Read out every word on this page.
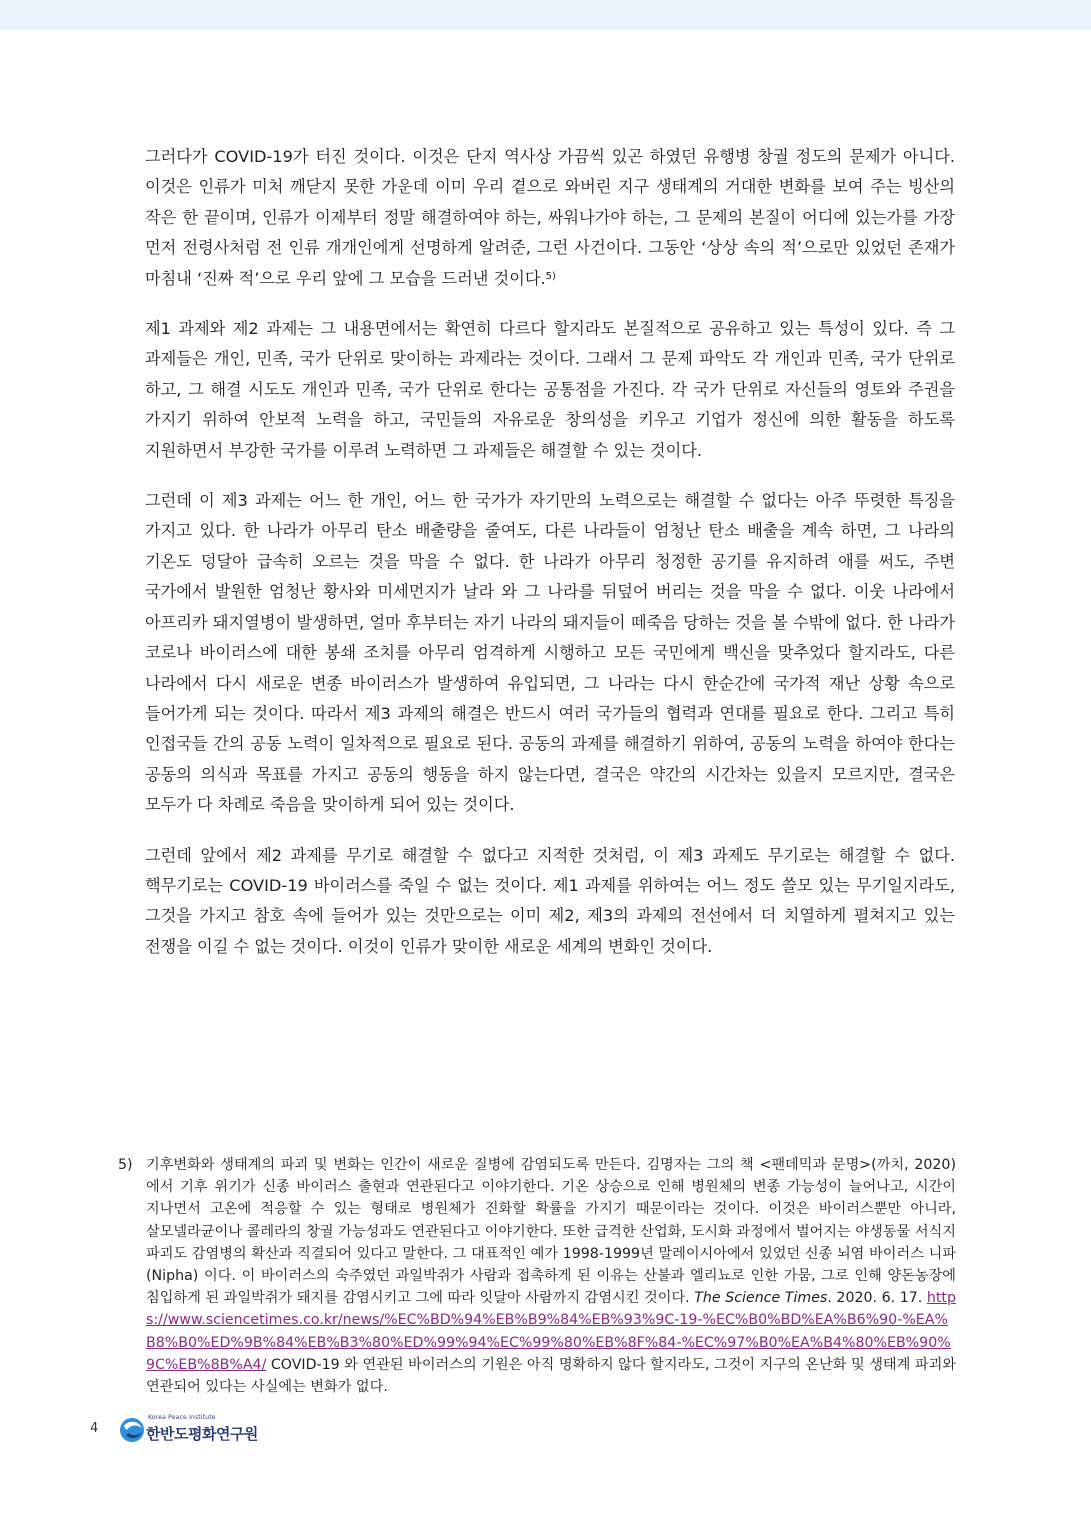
그러다가 COVID-19가 터진 것이다. 이것은 단지 역사상 가끔씩 있곤 하였던 유행병 창궐 정도의 문제가 아니다. 이것은 인류가 미처 깨닫지 못한 가운데 이미 우리 곁으로 와버린 지구 생태계의 거대한 변화를 보여 주는 빙산의 작은 한 끝이며, 인류가 이제부터 정말 해결하여야 하는, 싸워나가야 하는, 그 문제의 본질이 어디에 있는가를 가장 먼저 전령사처럼 전 인류 개개인에게 선명하게 알려준, 그런 사건이다. 그동안 ‘상상 속의 적’으로만 있었던 존재가 마침내 ‘진짜 적’으로 우리 앞에 그 모습을 드러낸 것이다.$^{5)}$

제1 과제와 제2 과제는 그 내용면에서는 확연히 다르다 할지라도 본질적으로 공유하고 있는 특성이 있다. 즉 그 과제들은 개인, 민족, 국가 단위로 맞이하는 과제라는 것이다. 그래서 그 문제 파악도 각 개인과 민족, 국가 단위로 하고, 그 해결 시도도 개인과 민족, 국가 단위로 한다는 공통점을 가진다. 각 국가 단위로 자신들의 영토와 주권을 가지기 위하여 안보적 노력을 하고, 국민들의 자유로운 창의성을 키우고 기업가 정신에 의한 활동을 하도록 지원하면서 부강한 국가를 이루려 노력하면 그 과제들은 해결할 수 있는 것이다.

그런데 이 제3 과제는 어느 한 개인, 어느 한 국가가 자기만의 노력으로는 해결할 수 없다는 아주 뚜렷한 특징을 가지고 있다. 한 나라가 아무리 탄소 배출량을 줄여도, 다른 나라들이 엄청난 탄소 배출을 계속 하면, 그 나라의 기온도 덩달아 급속히 오르는 것을 막을 수 없다. 한 나라가 아무리 청정한 공기를 유지하려 애를 써도, 주변 국가에서 발원한 엄청난 황사와 미세먼지가 날라 와 그 나라를 뒤덮어 버리는 것을 막을 수 없다. 이웃 나라에서 아프리카 돼지열병이 발생하면, 얼마 후부터는 자기 나라의 돼지들이 떼죽음 당하는 것을 볼 수밖에 없다. 한 나라가 코로나 바이러스에 대한 봉쇄 조치를 아무리 엄격하게 시행하고 모든 국민에게 백신을 맞추었다 할지라도, 다른 나라에서 다시 새로운 변종 바이러스가 발생하여 유입되면, 그 나라는 다시 한순간에 국가적 재난 상황 속으로 들어가게 되는 것이다. 따라서 제3 과제의 해결은 반드시 여러 국가들의 협력과 연대를 필요로 한다. 그리고 특히 인접국들 간의 공동 노력이 일차적으로 필요로 된다. 공동의 과제를 해결하기 위하여, 공동의 노력을 하여야 한다는 공동의 의식과 목표를 가지고 공동의 행동을 하지 않는다면, 결국은 약간의 시간차는 있을지 모르지만, 결국은 모두가 다 차례로 죽음을 맞이하게 되어 있는 것이다.

그런데 앞에서 제2 과제를 무기로 해결할 수 없다고 지적한 것처럼, 이 제3 과제도 무기로는 해결할 수 없다. 핵무기로는 COVID-19 바이러스를 죽일 수 없는 것이다. 제1 과제를 위하여는 어느 정도 쓸모 있는 무기일지라도, 그것을 가지고 참호 속에 들어가 있는 것만으로는 이미 제2, 제3의 과제의 전선에서 더 치열하게 펼쳐지고 있는 전쟁을 이길 수 없는 것이다. 이것이 인류가 맞이한 새로운 세계의 변화인 것이다.

5) 기후변화와 생태계의 파괴 및 변화는 인간이 새로운 질병에 감염되도록 만든다. 김명자는 그의 책 <팬데믹과 문명>(까치, 2020)에서 기후 위기가 신종 바이러스 출현과 연관된다고 이야기한다. 기온 상승으로 인해 병원체의 변종 가능성이 늘어나고, 시간이 지나면서 고온에 적응할 수 있는 형태로 병원체가 진화할 확률을 가지기 때문이라는 것이다. 이것은 바이러스뿐만 아니라, 살모넬라균이나 콜레라의 창궐 가능성과도 연관된다고 이야기한다. 또한 급격한 산업화, 도시화 과정에서 벌어지는 야생동물 서식지 파괴도 감염병의 확산과 직결되어 있다고 말한다. 그 대표적인 예가 1998-1999년 말레이시아에서 있었던 신종 뇌염 바이러스 니파(Nipha) 이다. 이 바이러스의 숙주였던 과일박쥐가 사람과 접촉하게 된 이유는 산불과 엘리뇨로 인한 가뭄, 그로 인해 양돈농장에 침입하게 된 과일박쥐가 돼지를 감염시키고 그에 따라 잇달아 사람까지 감염시킨 것이다. The Science Times. 2020. 6. 17. https://www.sciencetimes.co.kr/news/%EC%BD%94%EB%B9%84%EB%93%9C-19-%EC%B0%BD%EA%B6%90-%EA%B8%B0%ED%9B%84%EB%B3%80%ED%99%94%EC%99%80%EB%8F%84-%EC%97%B0%EA%B4%80%EB%90%9C%EB%8B%A4/ COVID-19 와 연관된 바이러스의 기원은 아직 명확하지 않다 할지라도, 그것이 지구의 온난화 및 생태계 파괴와 연관되어 있다는 사실에는 변화가 없다.
4
Korea Peace Institute
한반도평화연구원
